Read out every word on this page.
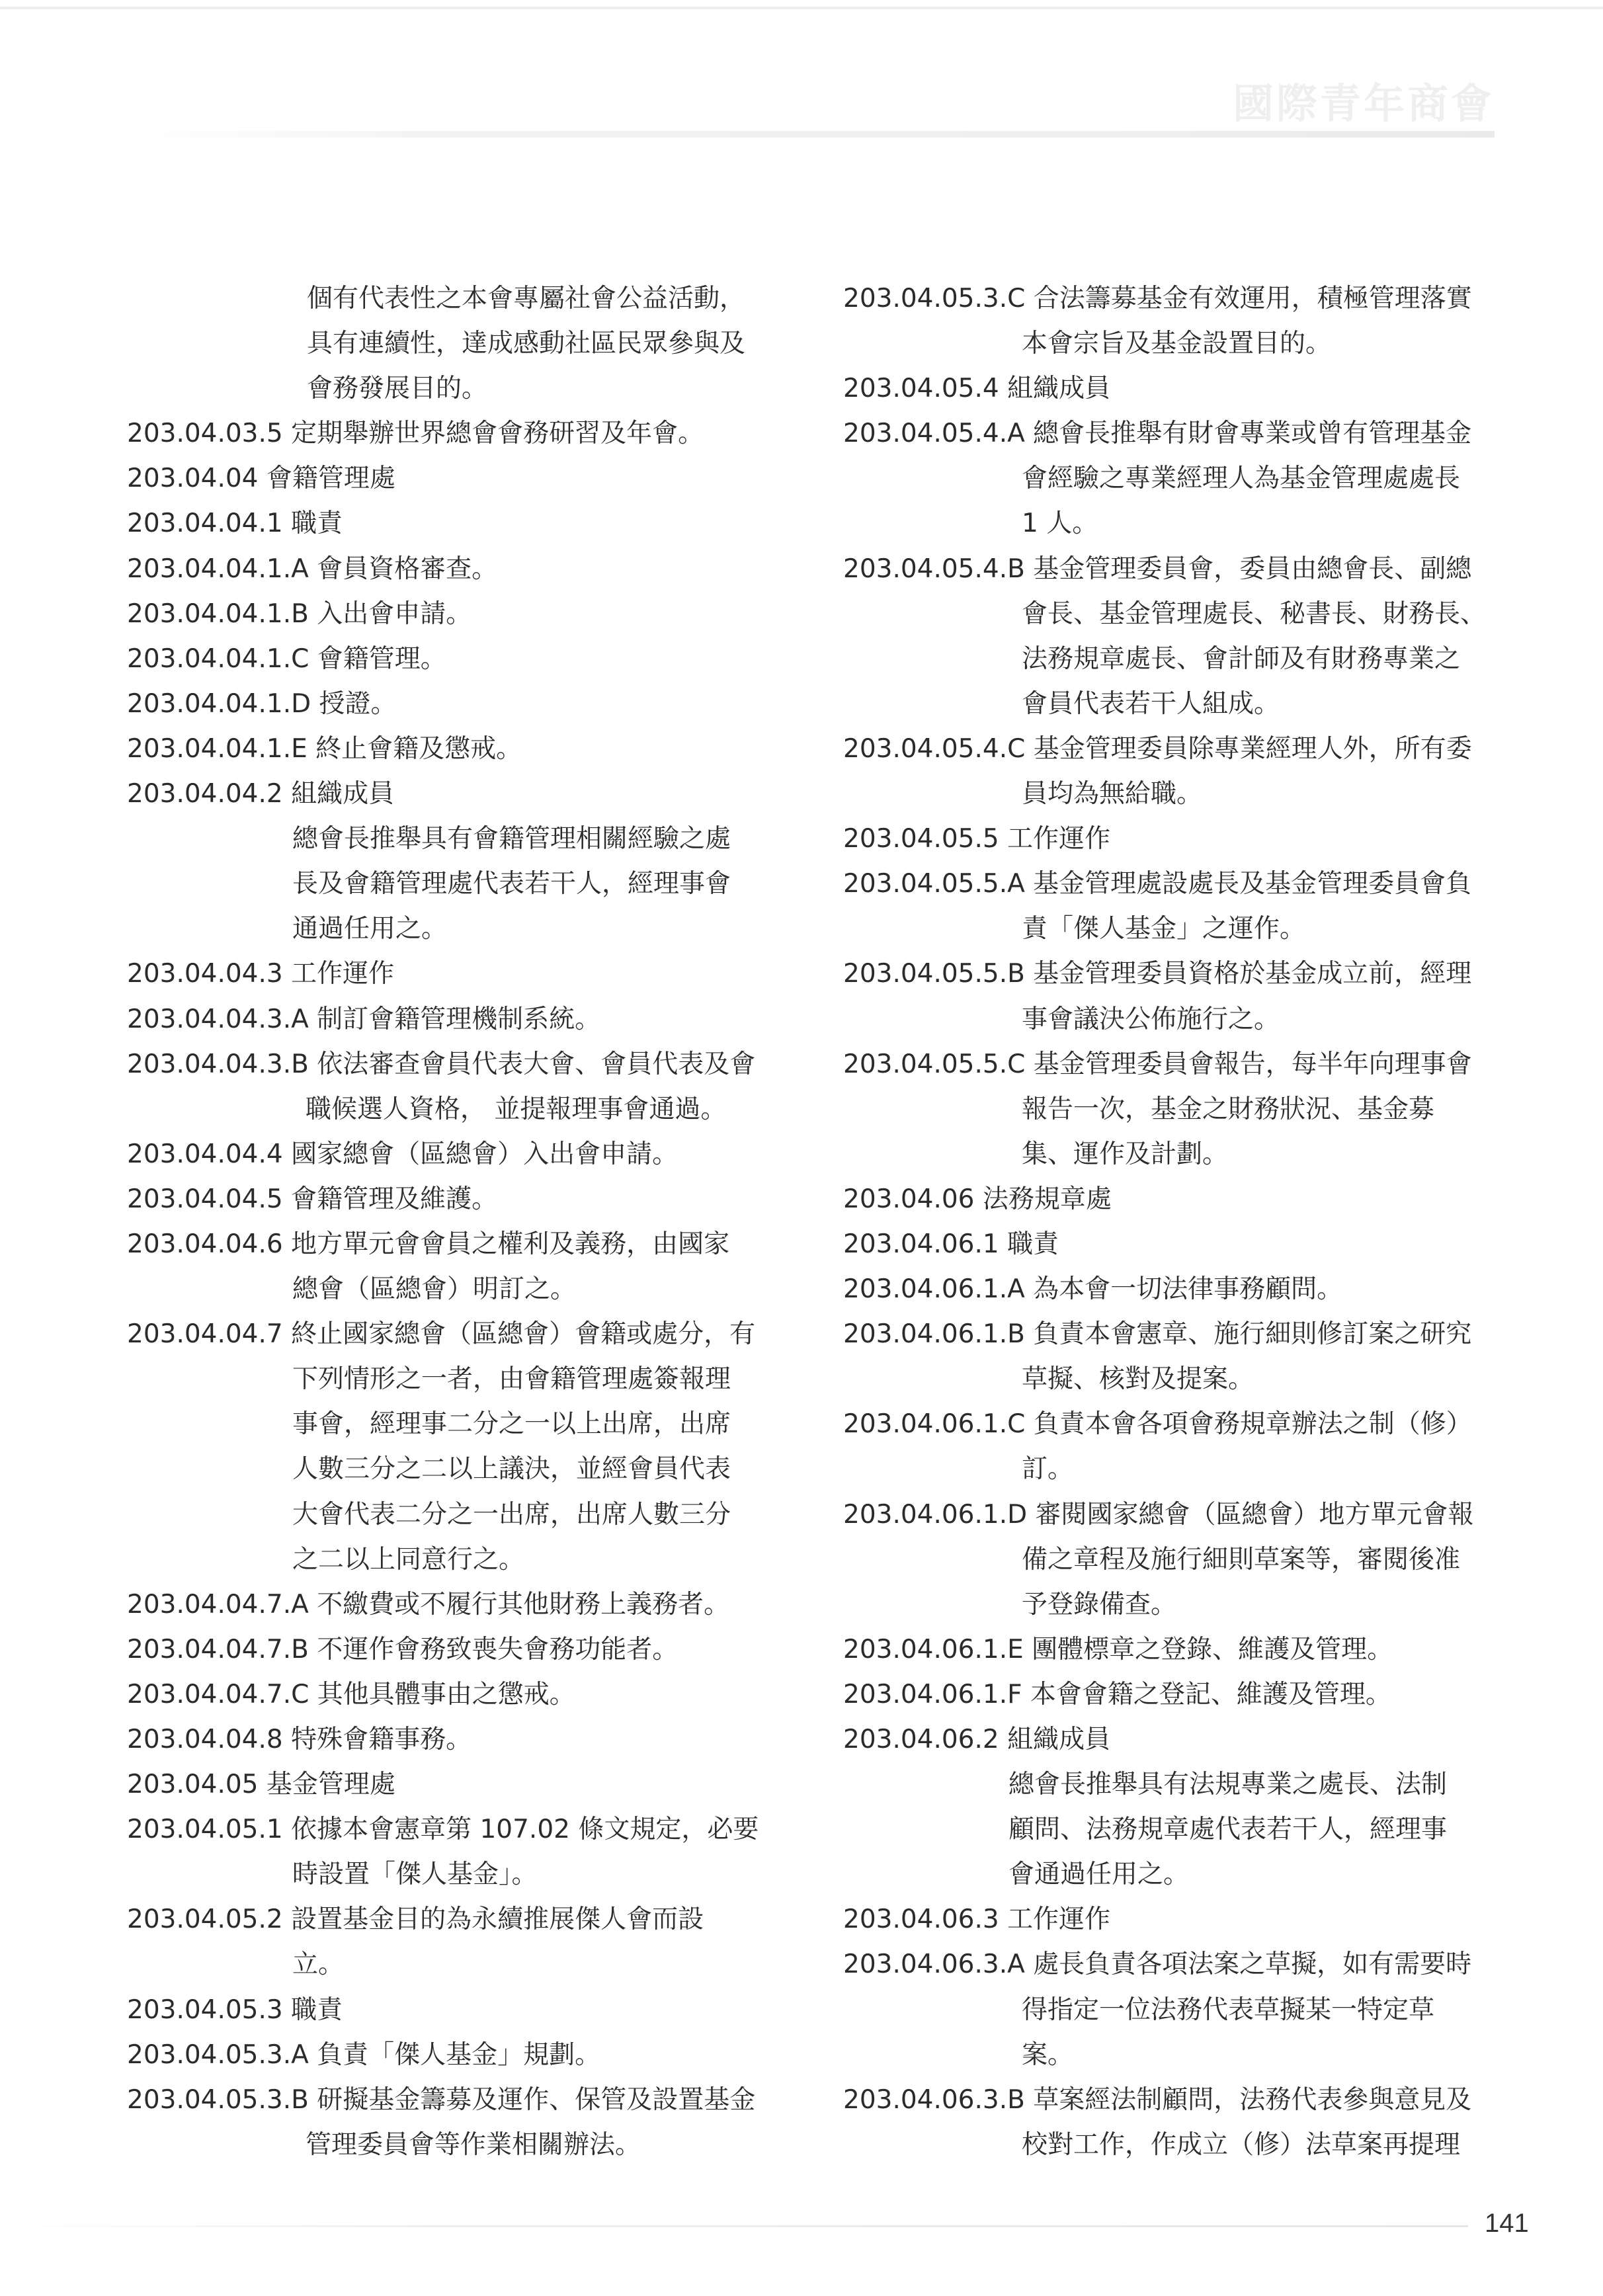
國際青年商會
個有代表性之本會專屬社會公益活動，
具有連續性，達成感動社區民眾參與及
會務發展目的。
203.04.03.5 定期舉辦世界總會會務研習及年會。
203.04.04 會籍管理處
203.04.04.1 職責
203.04.04.1.A 會員資格審查。
203.04.04.1.B 入出會申請。
203.04.04.1.C 會籍管理。
203.04.04.1.D 授證。
203.04.04.1.E 終止會籍及懲戒。
203.04.04.2 組織成員
總會長推舉具有會籍管理相關經驗之處
長及會籍管理處代表若干人，經理事會
通過任用之。
203.04.04.3 工作運作
203.04.04.3.A 制訂會籍管理機制系統。
203.04.04.3.B 依法審查會員代表大會、會員代表及會
職候選人資格， 並提報理事會通過。
203.04.04.4 國家總會（區總會）入出會申請。
203.04.04.5 會籍管理及維護。
203.04.04.6 地方單元會會員之權利及義務，由國家
總會（區總會）明訂之。
203.04.04.7 終止國家總會（區總會）會籍或處分，有
下列情形之一者，由會籍管理處簽報理
事會，經理事二分之一以上出席，出席
人數三分之二以上議決，並經會員代表
大會代表二分之一出席，出席人數三分
之二以上同意行之。
203.04.04.7.A 不繳費或不履行其他財務上義務者。
203.04.04.7.B 不運作會務致喪失會務功能者。
203.04.04.7.C 其他具體事由之懲戒。
203.04.04.8 特殊會籍事務。
203.04.05 基金管理處
203.04.05.1 依據本會憲章第 107.02 條文規定，必要
時設置「傑人基金」。
203.04.05.2 設置基金目的為永續推展傑人會而設
立。
203.04.05.3 職責
203.04.05.3.A 負責「傑人基金」規劃。
203.04.05.3.B 研擬基金籌募及運作、保管及設置基金
管理委員會等作業相關辦法。
203.04.05.3.C 合法籌募基金有效運用，積極管理落實
本會宗旨及基金設置目的。
203.04.05.4 組織成員
203.04.05.4.A 總會長推舉有財會專業或曾有管理基金
會經驗之專業經理人為基金管理處處長
1 人。
203.04.05.4.B 基金管理委員會，委員由總會長、副總
會長、基金管理處長、秘書長、財務長、
法務規章處長、會計師及有財務專業之
會員代表若干人組成。
203.04.05.4.C 基金管理委員除專業經理人外，所有委
員均為無給職。
203.04.05.5 工作運作
203.04.05.5.A 基金管理處設處長及基金管理委員會負
責「傑人基金」之運作。
203.04.05.5.B 基金管理委員資格於基金成立前，經理
事會議決公佈施行之。
203.04.05.5.C 基金管理委員會報告，每半年向理事會
報告一次，基金之財務狀況、基金募
集、運作及計劃。
203.04.06 法務規章處
203.04.06.1 職責
203.04.06.1.A 為本會一切法律事務顧問。
203.04.06.1.B 負責本會憲章、施行細則修訂案之研究
草擬、核對及提案。
203.04.06.1.C 負責本會各項會務規章辦法之制（修）
訂。
203.04.06.1.D 審閱國家總會（區總會）地方單元會報
備之章程及施行細則草案等，審閱後准
予登錄備查。
203.04.06.1.E 團體標章之登錄、維護及管理。
203.04.06.1.F 本會會籍之登記、維護及管理。
203.04.06.2 組織成員
總會長推舉具有法規專業之處長、法制
顧問、法務規章處代表若干人，經理事
會通過任用之。
203.04.06.3 工作運作
203.04.06.3.A 處長負責各項法案之草擬，如有需要時
得指定一位法務代表草擬某一特定草
案。
203.04.06.3.B 草案經法制顧問，法務代表參與意見及
校對工作，作成立（修）法草案再提理
141
